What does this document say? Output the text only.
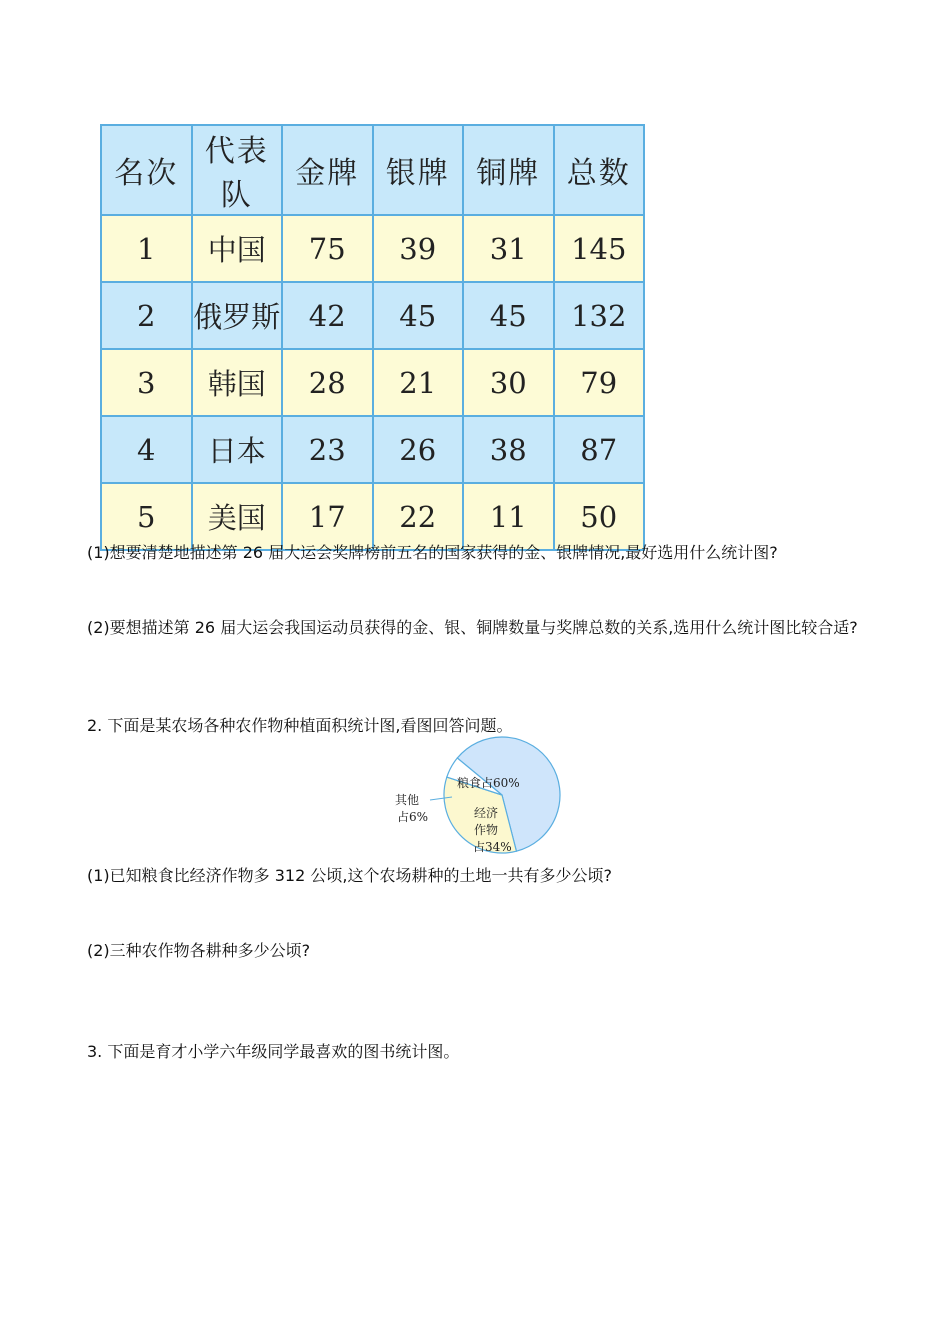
名次	代表队	金牌	银牌	铜牌	总数
1	中国	75	39	31	145
2	俄罗斯	42	45	45	132
3	韩国	28	21	30	79
4	日本	23	26	38	87
5	美国	17	22	11	50
(1)想要清楚地描述第 26 届大运会奖牌榜前五名的国家获得的金、银牌情况,最好选用什么统计图?
(2)要想描述第 26 届大运会我国运动员获得的金、银、铜牌数量与奖牌总数的关系,选用什么统计图比较合适?
2. 下面是某农场各种农作物种植面积统计图,看图回答问题。
粮食占60%
经济
作物
占34%
其他
占6%
(1)已知粮食比经济作物多 312 公顷,这个农场耕种的土地一共有多少公顷?
(2)三种农作物各耕种多少公顷?
3. 下面是育才小学六年级同学最喜欢的图书统计图。
